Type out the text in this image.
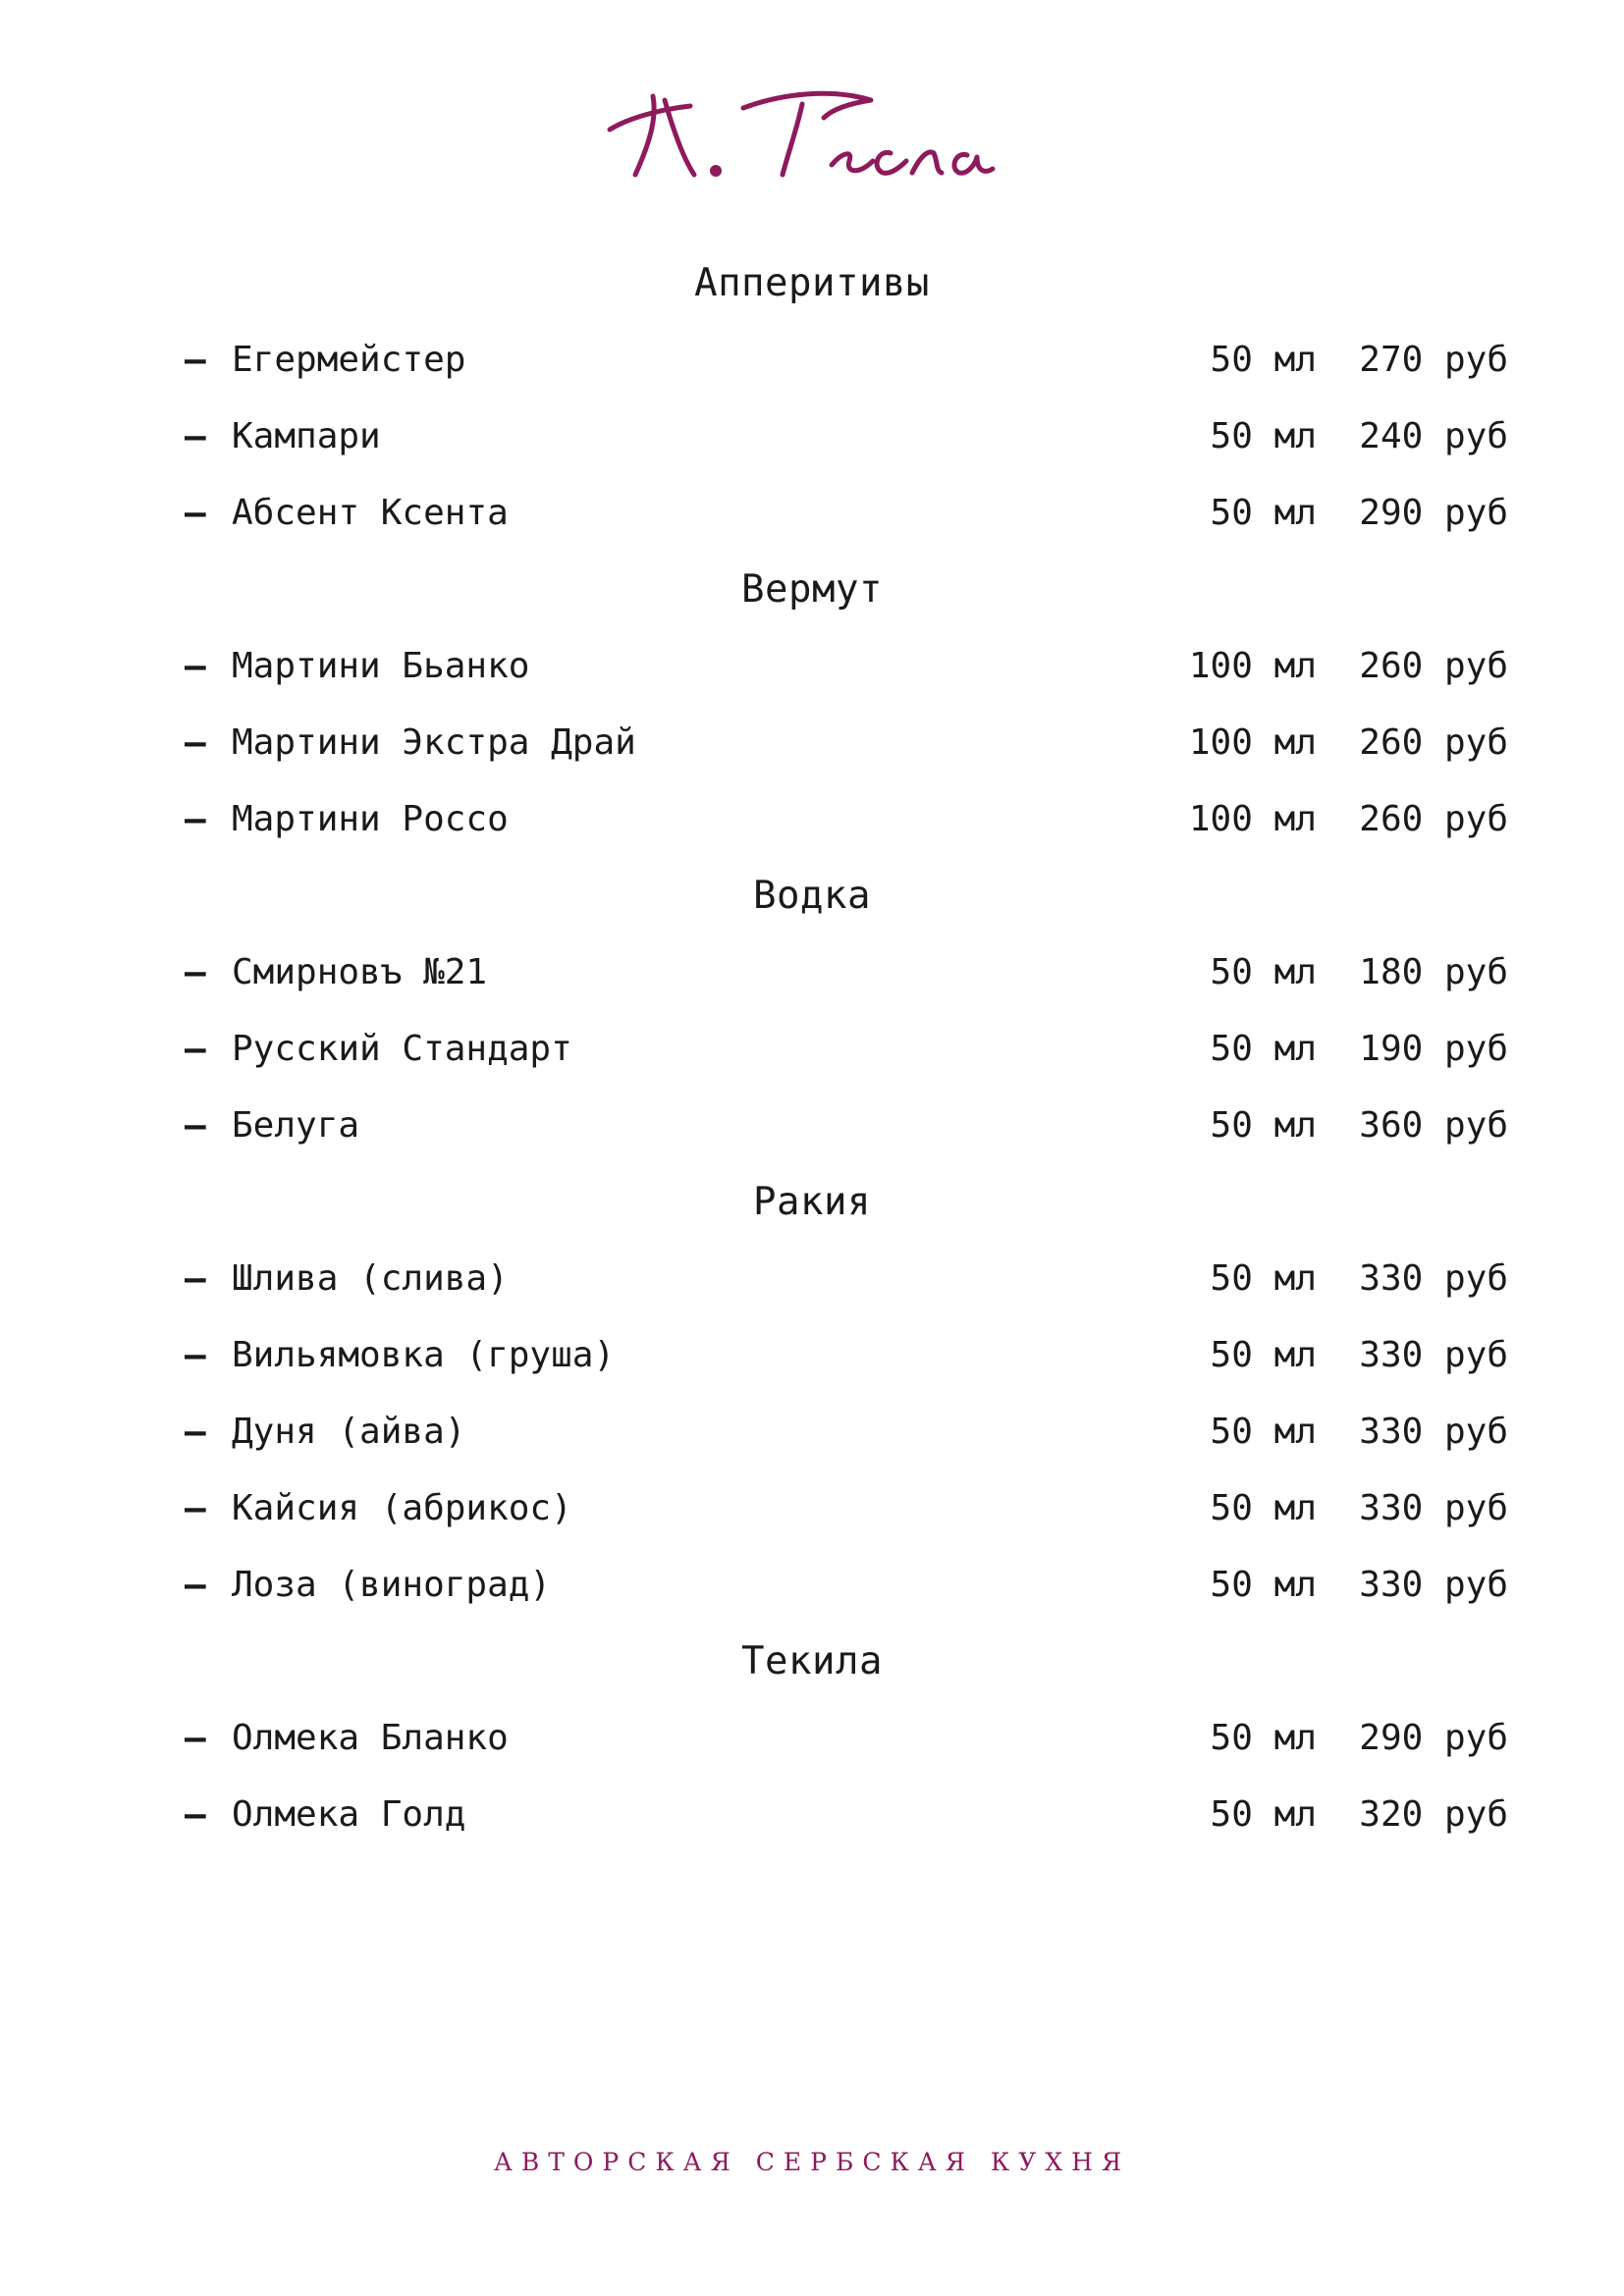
Апперитивы
– Егермейстер	50 мл 270 руб
– Кампари	50 мл 240 руб
– Абсент Ксента	50 мл 290 руб
Вермут
– Мартини Бьанко	100 мл 260 руб
– Мартини Экстра Драй	100 мл 260 руб
– Мартини Россо	100 мл 260 руб
Водка
– Смирновъ №21	50 мл 180 руб
– Русский Стандарт	50 мл 190 руб
– Белуга	50 мл 360 руб
Ракия
– Шлива (слива)	50 мл 330 руб
– Вильямовка (груша)	50 мл 330 руб
– Дуня (айва)	50 мл 330 руб
– Кайсия (абрикос)	50 мл 330 руб
– Лоза (виноград)	50 мл 330 руб
Текила
– Олмека Бланко	50 мл 290 руб
– Олмека Голд	50 мл 320 руб
АВТОРСКАЯ СЕРБСКАЯ КУХНЯ
